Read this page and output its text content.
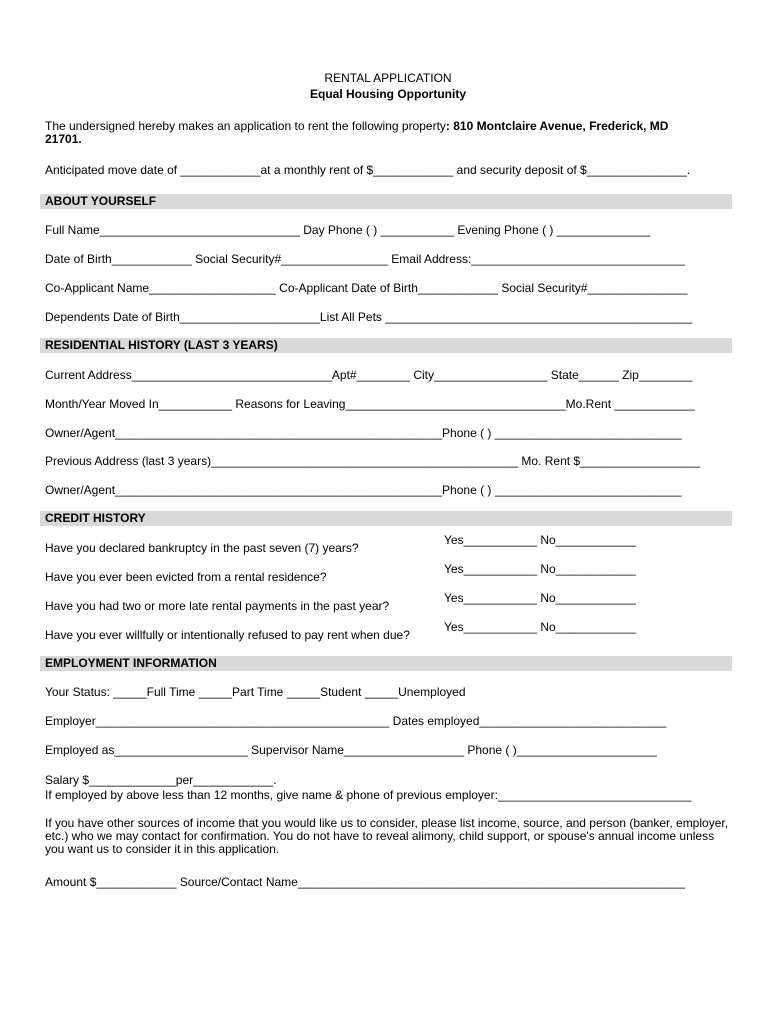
RENTAL APPLICATION
Equal Housing Opportunity
The undersigned hereby makes an application to rent the following property: 810 Montclaire Avenue, Frederick, MD
21701.
Anticipated move date of ____________at a monthly rent of $____________ and security deposit of $_______________.
ABOUT YOURSELF
Full Name______________________________ Day Phone ( ) ___________ Evening Phone ( ) ______________
Date of Birth____________ Social Security#________________ Email Address:________________________________
Co-Applicant Name___________________ Co-Applicant Date of Birth____________ Social Security#_______________
Dependents Date of Birth_____________________List All Pets ______________________________________________
RESIDENTIAL HISTORY (LAST 3 YEARS)
Current Address______________________________Apt#________ City_________________ State______ Zip________
Month/Year Moved In___________ Reasons for Leaving_________________________________Mo.Rent ____________
Owner/Agent_________________________________________________Phone ( ) ____________________________
Previous Address (last 3 years)______________________________________________ Mo. Rent $__________________
Owner/Agent_________________________________________________Phone ( ) ____________________________
CREDIT HISTORY
Have you declared bankruptcy in the past seven (7) years?
Yes___________ No____________
Have you ever been evicted from a rental residence?
Yes___________ No____________
Have you had two or more late rental payments in the past year?
Yes___________ No____________
Have you ever willfully or intentionally refused to pay rent when due?
Yes___________ No____________
EMPLOYMENT INFORMATION
Your Status: _____Full Time _____Part Time _____Student _____Unemployed
Employer____________________________________________ Dates employed____________________________
Employed as____________________ Supervisor Name__________________ Phone ( )_____________________
Salary $_____________per____________.
If employed by above less than 12 months, give name & phone of previous employer:_____________________________
If you have other sources of income that you would like us to consider, please list income, source, and person (banker, employer, etc.) who we may contact for confirmation. You do not have to reveal alimony, child support, or spouse's annual income unless you want us to consider it in this application.
Amount $____________ Source/Contact Name__________________________________________________________
